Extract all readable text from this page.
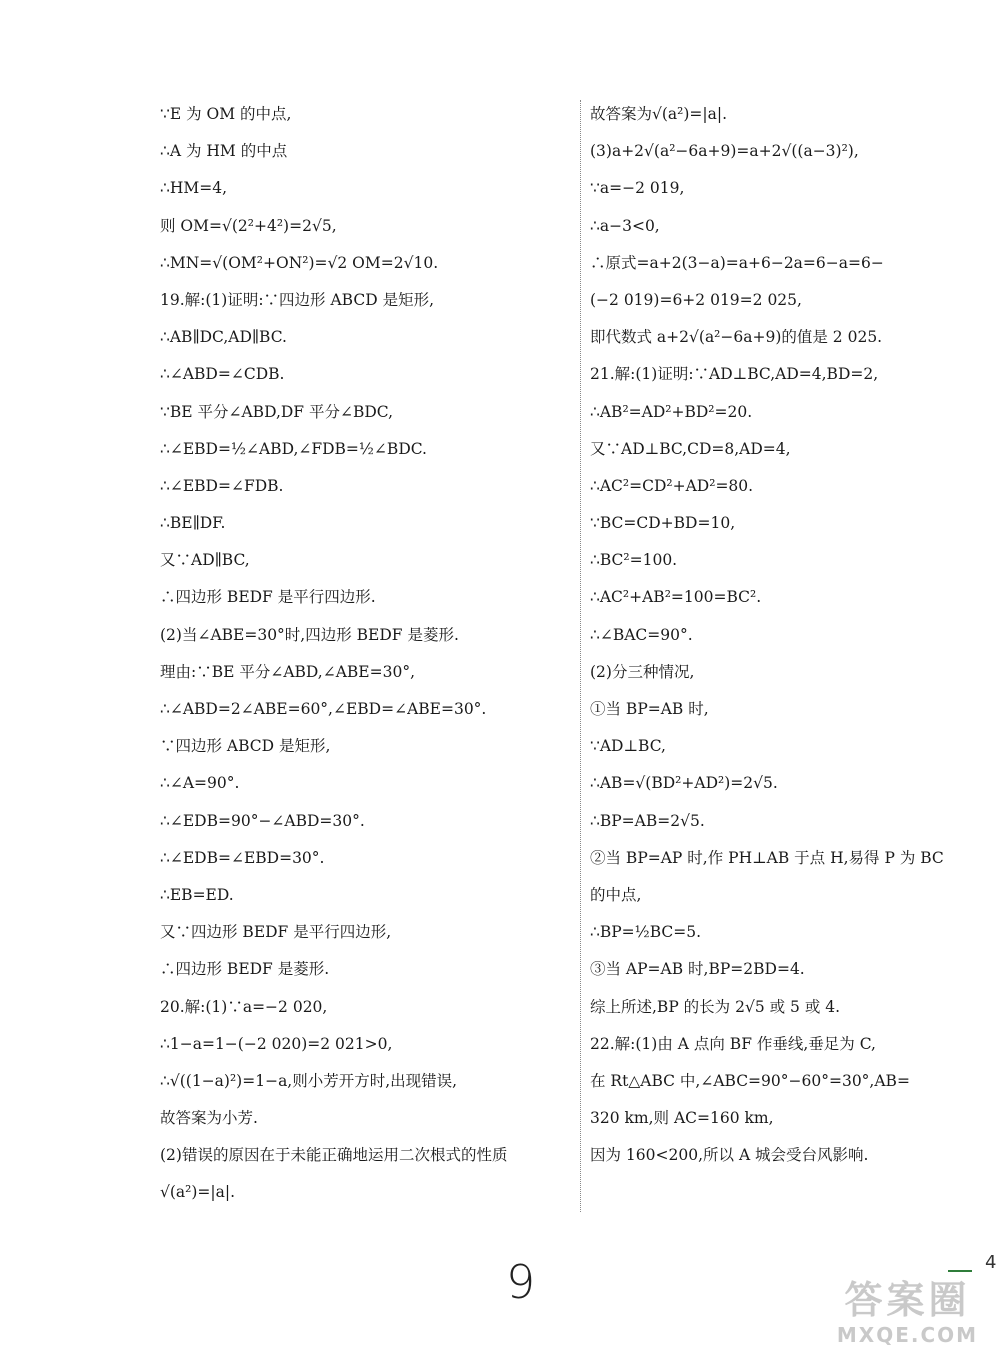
∵E 为 OM 的中点,
∴A 为 HM 的中点
∴HM=4,
则 OM=√(2²+4²)=2√5,
∴MN=√(OM²+ON²)=√2 OM=2√10.
19.解:(1)证明:∵四边形 ABCD 是矩形,
∴AB∥DC,AD∥BC.
∴∠ABD=∠CDB.
∵BE 平分∠ABD,DF 平分∠BDC,
∴∠EBD=½∠ABD,∠FDB=½∠BDC.
∴∠EBD=∠FDB.
∴BE∥DF.
又∵AD∥BC,
∴四边形 BEDF 是平行四边形.
(2)当∠ABE=30°时,四边形 BEDF 是菱形.
理由:∵BE 平分∠ABD,∠ABE=30°,
∴∠ABD=2∠ABE=60°,∠EBD=∠ABE=30°.
∵四边形 ABCD 是矩形,
∴∠A=90°.
∴∠EDB=90°−∠ABD=30°.
∴∠EDB=∠EBD=30°.
∴EB=ED.
又∵四边形 BEDF 是平行四边形,
∴四边形 BEDF 是菱形.
20.解:(1)∵a=−2 020,
∴1−a=1−(−2 020)=2 021>0,
∴√((1−a)²)=1−a,则小芳开方时,出现错误,
故答案为小芳.
(2)错误的原因在于未能正确地运用二次根式的性质
√(a²)=|a|.
故答案为√(a²)=|a|.
(3)a+2√(a²−6a+9)=a+2√((a−3)²),
∵a=−2 019,
∴a−3<0,
∴原式=a+2(3−a)=a+6−2a=6−a=6−
(−2 019)=6+2 019=2 025,
即代数式 a+2√(a²−6a+9)的值是 2 025.
21.解:(1)证明:∵AD⊥BC,AD=4,BD=2,
∴AB²=AD²+BD²=20.
又∵AD⊥BC,CD=8,AD=4,
∴AC²=CD²+AD²=80.
∵BC=CD+BD=10,
∴BC²=100.
∴AC²+AB²=100=BC².
∴∠BAC=90°.
(2)分三种情况,
①当 BP=AB 时,
∵AD⊥BC,
∴AB=√(BD²+AD²)=2√5.
∴BP=AB=2√5.
②当 BP=AP 时,作 PH⊥AB 于点 H,易得 P 为 BC
的中点,
∴BP=½BC=5.
③当 AP=AB 时,BP=2BD=4.
综上所述,BP 的长为 2√5 或 5 或 4.
22.解:(1)由 A 点向 BF 作垂线,垂足为 C,
在 Rt△ABC 中,∠ABC=90°−60°=30°,AB=
320 km,则 AC=160 km,
因为 160<200,所以 A 城会受台风影响.
9	4
答案圈
MXQE.COM
